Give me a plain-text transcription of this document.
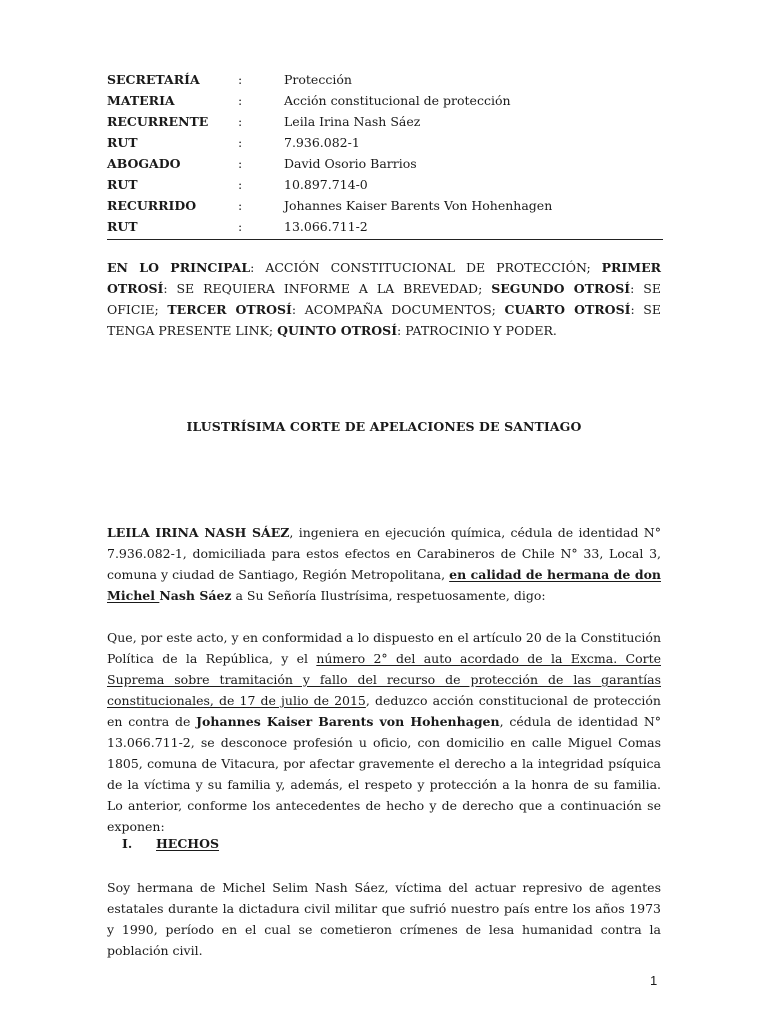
SECRETARÍA	:	Protección
MATERIA	:	Acción constitucional de protección
RECURRENTE	:	Leila Irina Nash Sáez
RUT	:	7.936.082-1
ABOGADO	:	David Osorio Barrios
RUT	:	10.897.714-0
RECURRIDO	:	Johannes Kaiser Barents Von Hohenhagen
RUT	:	13.066.711-2
EN LO PRINCIPAL: ACCIÓN CONSTITUCIONAL DE PROTECCIÓN; PRIMER OTROSÍ: SE REQUIERA INFORME A LA BREVEDAD; SEGUNDO OTROSÍ: SE OFICIE; TERCER OTROSÍ: ACOMPAÑA DOCUMENTOS; CUARTO OTROSÍ: SE TENGA PRESENTE LINK; QUINTO OTROSÍ: PATROCINIO Y PODER.
ILUSTRÍSIMA CORTE DE APELACIONES DE SANTIAGO
LEILA IRINA NASH SÁEZ, ingeniera en ejecución química, cédula de identidad N° 7.936.082-1, domiciliada para estos efectos en Carabineros de Chile N° 33, Local 3, comuna y ciudad de Santiago, Región Metropolitana, en calidad de hermana de don Michel Nash Sáez a Su Señoría Ilustrísima, respetuosamente, digo:
Que, por este acto, y en conformidad a lo dispuesto en el artículo 20 de la Constitución Política de la República, y el número 2° del auto acordado de la Excma. Corte Suprema sobre tramitación y fallo del recurso de protección de las garantías constitucionales, de 17 de julio de 2015, deduzco acción constitucional de protección en contra de Johannes Kaiser Barents von Hohenhagen, cédula de identidad N° 13.066.711-2, se desconoce profesión u oficio, con domicilio en calle Miguel Comas 1805, comuna de Vitacura, por afectar gravemente el derecho a la integridad psíquica de la víctima y su familia y, además, el respeto y protección a la honra de su familia. Lo anterior, conforme los antecedentes de hecho y de derecho que a continuación se exponen:
I. HECHOS
Soy hermana de Michel Selim Nash Sáez, víctima del actuar represivo de agentes estatales durante la dictadura civil militar que sufrió nuestro país entre los años 1973 y 1990, período en el cual se cometieron crímenes de lesa humanidad contra la población civil.
1
